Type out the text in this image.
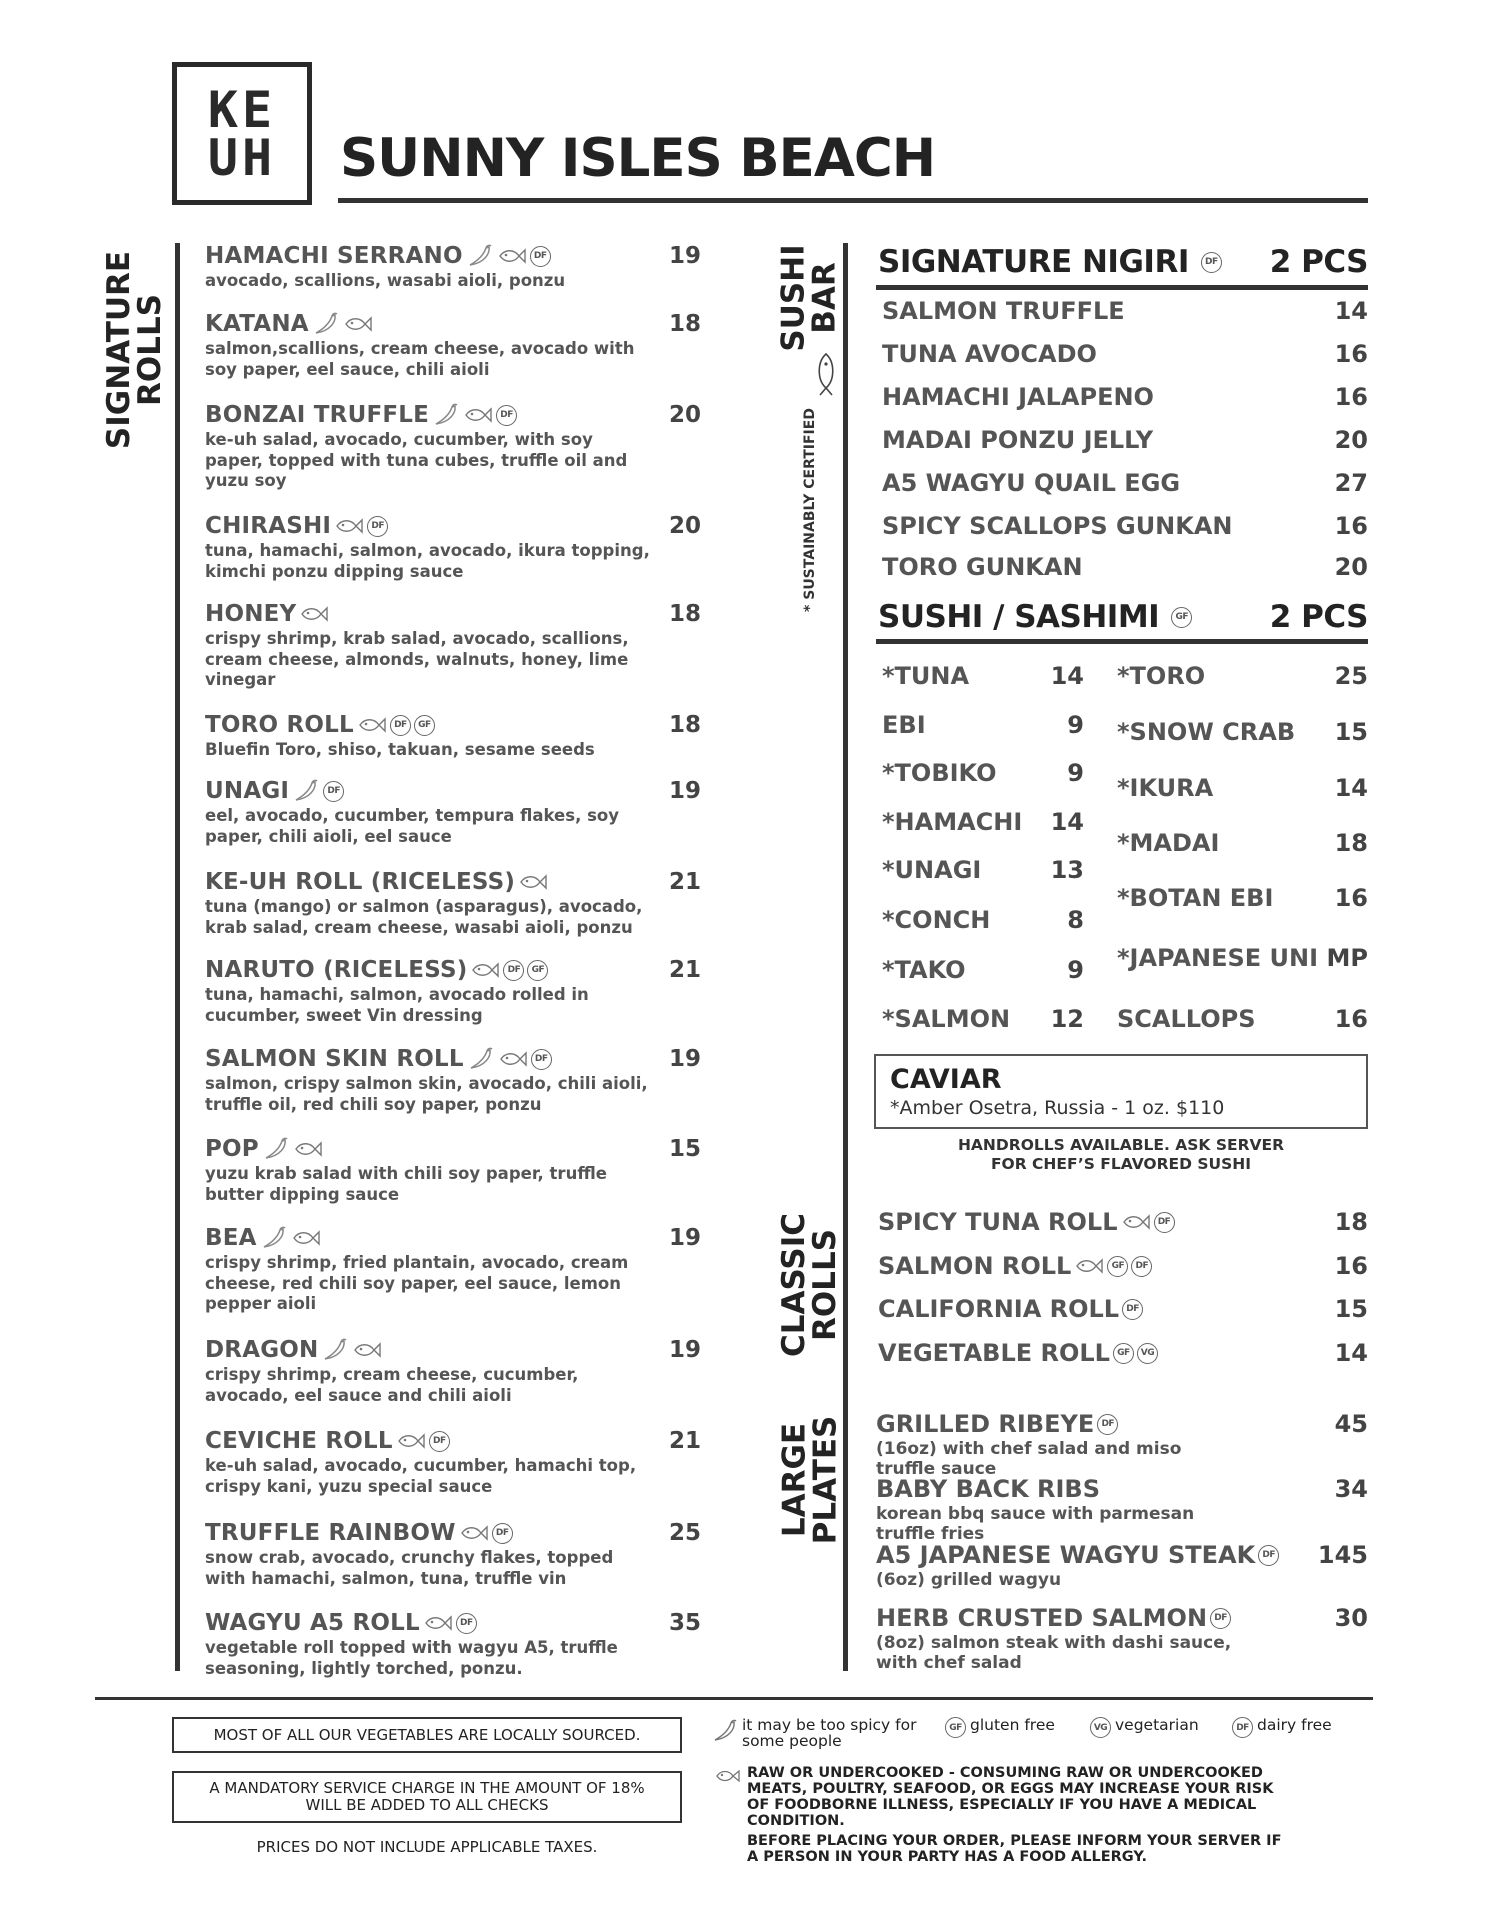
KE
UH SUNNY ISLES BEACH
SIGNATURE
ROLLS
HAMACHI SERRANO	DF	19
avocado, scallions, wasabi aioli, ponzu
KATANA	18
salmon,scallions, cream cheese, avocado with soy paper, eel sauce, chili aioli
BONZAI TRUFFLE	DF	20
ke-uh salad, avocado, cucumber, with soy paper, topped with tuna cubes, truffle oil and yuzu soy
CHIRASHI	DF	20
tuna, hamachi, salmon, avocado, ikura topping, kimchi ponzu dipping sauce
HONEY	18
crispy shrimp, krab salad, avocado, scallions, cream cheese, almonds, walnuts, honey, lime vinegar
TORO ROLL	DF	GF	18
Bluefin Toro, shiso, takuan, sesame seeds
UNAGI	DF	19
eel, avocado, cucumber, tempura flakes, soy paper, chili aioli, eel sauce
KE-UH ROLL (RICELESS)	21
tuna (mango) or salmon (asparagus), avocado, krab salad, cream cheese, wasabi aioli, ponzu
NARUTO (RICELESS)	DF	GF	21
tuna, hamachi, salmon, avocado rolled in cucumber, sweet Vin dressing
SALMON SKIN ROLL	DF	19
salmon, crispy salmon skin, avocado, chili aioli, truffle oil, red chili soy paper, ponzu
POP	15
yuzu krab salad with chili soy paper, truffle butter dipping sauce
BEA	19
crispy shrimp, fried plantain, avocado, cream cheese, red chili soy paper, eel sauce, lemon pepper aioli
DRAGON	19
crispy shrimp, cream cheese, cucumber, avocado, eel sauce and chili aioli
CEVICHE ROLL	DF	21
ke-uh salad, avocado, cucumber, hamachi top, crispy kani, yuzu special sauce
TRUFFLE RAINBOW	DF	25
snow crab, avocado, crunchy flakes, topped with hamachi, salmon, tuna, truffle vin
WAGYU A5 ROLL	DF	35
vegetable roll topped with wagyu A5, truffle seasoning, lightly torched, ponzu.
SUSHI
BAR
* SUSTAINABLY CERTIFIED
SIGNATURE NIGIRI	DF 2 PCS
SALMON TRUFFLE	14
TUNA AVOCADO	16
HAMACHI JALAPENO	16
MADAI PONZU JELLY	20
A5 WAGYU QUAIL EGG	27
SPICY SCALLOPS GUNKAN	16
TORO GUNKAN	20
SUSHI / SASHIMI	GF	2 PCS
*TUNA	14
EBI	9
*TOBIKO	9
*HAMACHI 14
*UNAGI	13
*CONCH	8
*TAKO	9
*SALMON 12
*TORO	25
*SNOW CRAB 15
*IKURA	14
*MADAI	18
*BOTAN EBI	16
*JAPANESE UNI MP
SCALLOPS	16
CAVIAR
*Amber Osetra, Russia - 1 oz. $110
HANDROLLS AVAILABLE. ASK SERVER
FOR CHEF’S FLAVORED SUSHI
CLASSIC
ROLLS
SPICY TUNA ROLL	DF	18
SALMON ROLL	GF	DF	16
CALIFORNIA ROLL DF	15
VEGETABLE ROLL GF	VG	14
LARGE
PLATES GRILLED RIBEYE DF	45
(16oz) with chef salad and miso truffle sauce
BABY BACK RIBS	34
korean bbq sauce with parmesan truffle fries
A5 JAPANESE WAGYU STEAK DF 145
(6oz) grilled wagyu
HERB CRUSTED SALMON DF	30
(8oz) salmon steak with dashi sauce, with chef salad
MOST OF ALL OUR VEGETABLES ARE LOCALLY SOURCED.
A MANDATORY SERVICE CHARGE IN THE AMOUNT OF 18% WILL BE ADDED TO ALL CHECKS
PRICES DO NOT INCLUDE APPLICABLE TAXES.
it may be too spicy for some people
GF gluten free	VG vegetarian	DF dairy free
RAW OR UNDERCOOKED - CONSUMING RAW OR UNDERCOOKED MEATS, POULTRY, SEAFOOD, OR EGGS MAY INCREASE YOUR RISK OF FOODBORNE ILLNESS, ESPECIALLY IF YOU HAVE A MEDICAL CONDITION.
BEFORE PLACING YOUR ORDER, PLEASE INFORM YOUR SERVER IF A PERSON IN YOUR PARTY HAS A FOOD ALLERGY.
